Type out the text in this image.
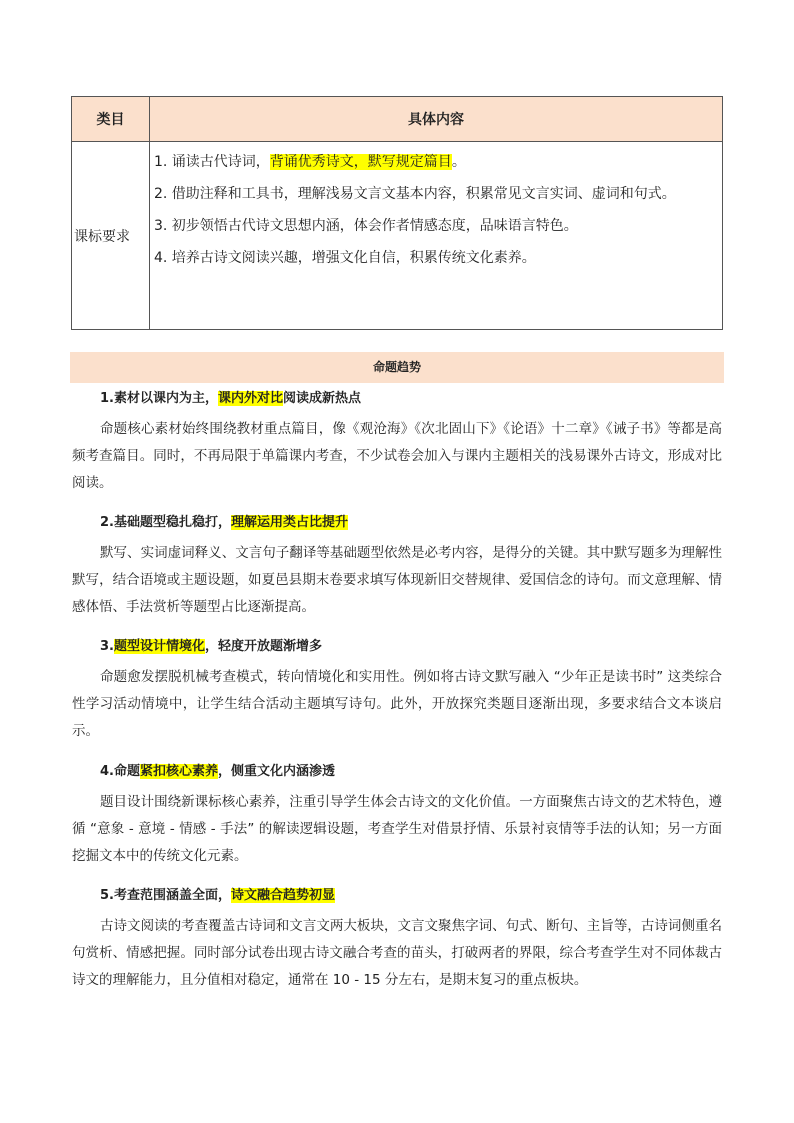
类目	具体内容
课标要求	1. 诵读古代诗词，背诵优秀诗文，默写规定篇目。

2. 借助注释和工具书，理解浅易文言文基本内容，积累常见文言实词、虚词和句式。

3. 初步领悟古代诗文思想内涵，体会作者情感态度，品味语言特色。

4. 培养古诗文阅读兴趣，增强文化自信，积累传统文化素养。

命题趋势
1.素材以课内为主，课内外对比阅读成新热点

命题核心素材始终围绕教材重点篇目，像《观沧海》《次北固山下》《论语》十二章》《诫子书》等都是高频考查篇目。同时，不再局限于单篇课内考查，不少试卷会加入与课内主题相关的浅易课外古诗文，形成对比阅读。

2.基础题型稳扎稳打，理解运用类占比提升

默写、实词虚词释义、文言句子翻译等基础题型依然是必考内容，是得分的关键。其中默写题多为理解性默写，结合语境或主题设题，如夏邑县期末卷要求填写体现新旧交替规律、爱国信念的诗句。而文意理解、情感体悟、手法赏析等题型占比逐渐提高。

3.题型设计情境化，轻度开放题渐增多

命题愈发摆脱机械考查模式，转向情境化和实用性。例如将古诗文默写融入 “少年正是读书时” 这类综合性学习活动情境中，让学生结合活动主题填写诗句。此外，开放探究类题目逐渐出现，多要求结合文本谈启示。

4.命题紧扣核心素养，侧重文化内涵渗透

题目设计围绕新课标核心素养，注重引导学生体会古诗文的文化价值。一方面聚焦古诗文的艺术特色，遵循 “意象 - 意境 - 情感 - 手法” 的解读逻辑设题，考查学生对借景抒情、乐景衬哀情等手法的认知；另一方面挖掘文本中的传统文化元素。

5.考查范围涵盖全面，诗文融合趋势初显

古诗文阅读的考查覆盖古诗词和文言文两大板块，文言文聚焦字词、句式、断句、主旨等，古诗词侧重名句赏析、情感把握。同时部分试卷出现古诗文融合考查的苗头，打破两者的界限，综合考查学生对不同体裁古诗文的理解能力，且分值相对稳定，通常在 10 - 15 分左右，是期末复习的重点板块。
